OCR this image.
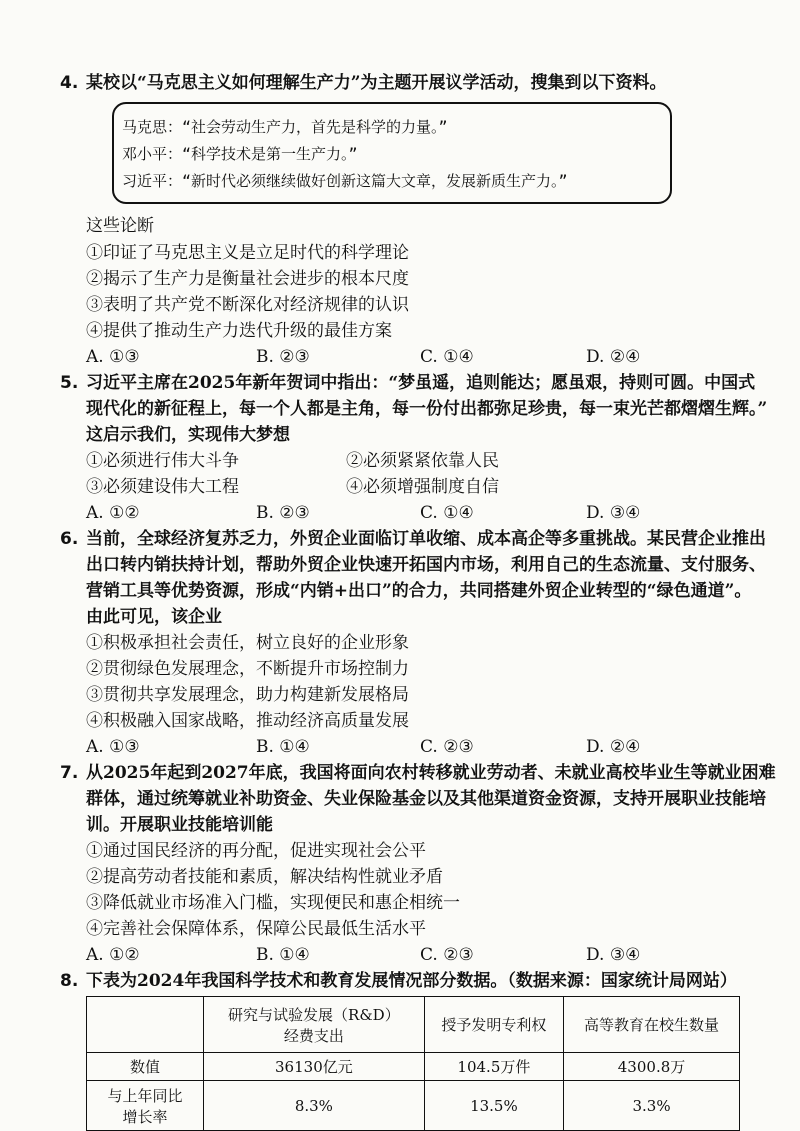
4. 某校以“马克思主义如何理解生产力”为主题开展议学活动，搜集到以下资料。
马克思：“社会劳动生产力，首先是科学的力量。”
邓小平：“科学技术是第一生产力。”
习近平：“新时代必须继续做好创新这篇大文章，发展新质生产力。”
这些论断
①印证了马克思主义是立足时代的科学理论
②揭示了生产力是衡量社会进步的根本尺度
③表明了共产党不断深化对经济规律的认识
④提供了推动生产力迭代升级的最佳方案
A. ①③	B. ②③	C. ①④	D. ②④
5. 习近平主席在2025年新年贺词中指出：“梦虽遥，追则能达；愿虽艰，持则可圆。中国式
现代化的新征程上，每一个人都是主角，每一份付出都弥足珍贵，每一束光芒都熠熠生辉。”
这启示我们，实现伟大梦想
①必须进行伟大斗争	②必须紧紧依靠人民
③必须建设伟大工程	④必须增强制度自信
A. ①②	B. ②③	C. ①④	D. ③④
6. 当前，全球经济复苏乏力，外贸企业面临订单收缩、成本高企等多重挑战。某民营企业推出
出口转内销扶持计划，帮助外贸企业快速开拓国内市场，利用自己的生态流量、支付服务、
营销工具等优势资源，形成“内销+出口”的合力，共同搭建外贸企业转型的“绿色通道”。
由此可见，该企业
①积极承担社会责任，树立良好的企业形象
②贯彻绿色发展理念，不断提升市场控制力
③贯彻共享发展理念，助力构建新发展格局
④积极融入国家战略，推动经济高质量发展
A. ①③	B. ①④	C. ②③	D. ②④
7. 从2025年起到2027年底，我国将面向农村转移就业劳动者、未就业高校毕业生等就业困难
群体，通过统筹就业补助资金、失业保险基金以及其他渠道资金资源，支持开展职业技能培
训。开展职业技能培训能
①通过国民经济的再分配，促进实现社会公平
②提高劳动者技能和素质，解决结构性就业矛盾
③降低就业市场准入门槛，实现便民和惠企相统一
④完善社会保障体系，保障公民最低生活水平
A. ①②	B. ①④	C. ②③	D. ③④
8. 下表为2024年我国科学技术和教育发展情况部分数据。（数据来源：国家统计局网站）
	研究与试验发展（R&D）
经费支出	授予发明专利权	高等教育在校生数量
数值	36130亿元	104.5万件	4300.8万
与上年同比
增长率	8.3%	13.5%	3.3%
